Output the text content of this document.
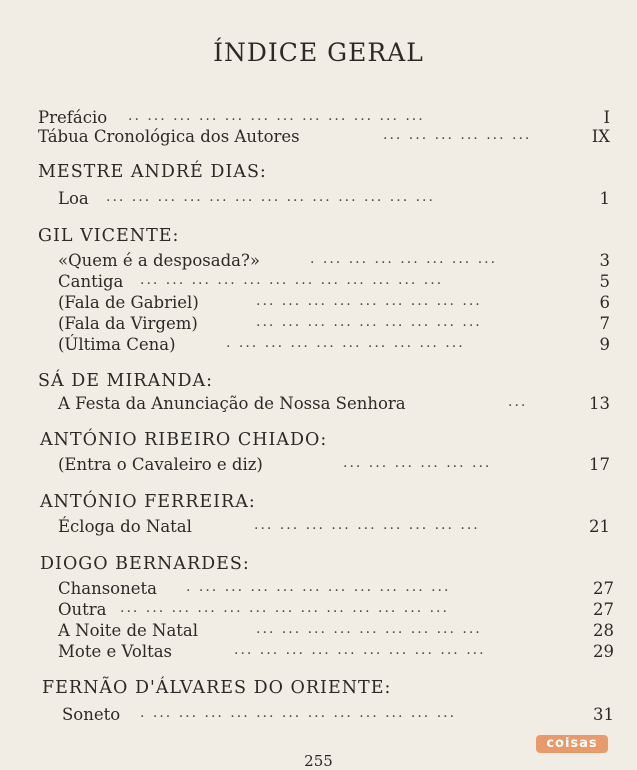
ÍNDICE GERAL
Prefácio .. ... ... ... ... ... ... ... ... ... ... ...	I
Tábua Cronológica dos Autores	... ... ... ... ... ...	IX
MESTRE ANDRÉ DIAS:
Loa ... ... ... ... ... ... ... ... ... ... ... ... ...	1
GIL VICENTE:
«Quem é a desposada?»	. ... ... ... ... ... ... ...	3
Cantiga ... ... ... ... ... ... ... ... ... ... ... ...	5
(Fala de Gabriel)	... ... ... ... ... ... ... ... ...	6
(Fala da Virgem)	... ... ... ... ... ... ... ... ...	7
(Última Cena)	. ... ... ... ... ... ... ... ... ...	9
SÁ DE MIRANDA:
A Festa da Anunciação de Nossa Senhora	...	13
ANTÓNIO RIBEIRO CHIADO:
(Entra o Cavaleiro e diz)	... ... ... ... ... ...	17
ANTÓNIO FERREIRA:
Écloga do Natal	... ... ... ... ... ... ... ... ...	21
DIOGO BERNARDES:
Chansoneta . ... ... ... ... ... ... ... ... ... ...	27
Outra ... ... ... ... ... ... ... ... ... ... ... ... ...	27
A Noite de Natal	... ... ... ... ... ... ... ... ...	28
Mote e Voltas	... ... ... ... ... ... ... ... ... ...	29
FERNÃO D'ÁLVARES DO ORIENTE:
Soneto . ... ... ... ... ... ... ... ... ... ... ... ...	31
255
coisas
